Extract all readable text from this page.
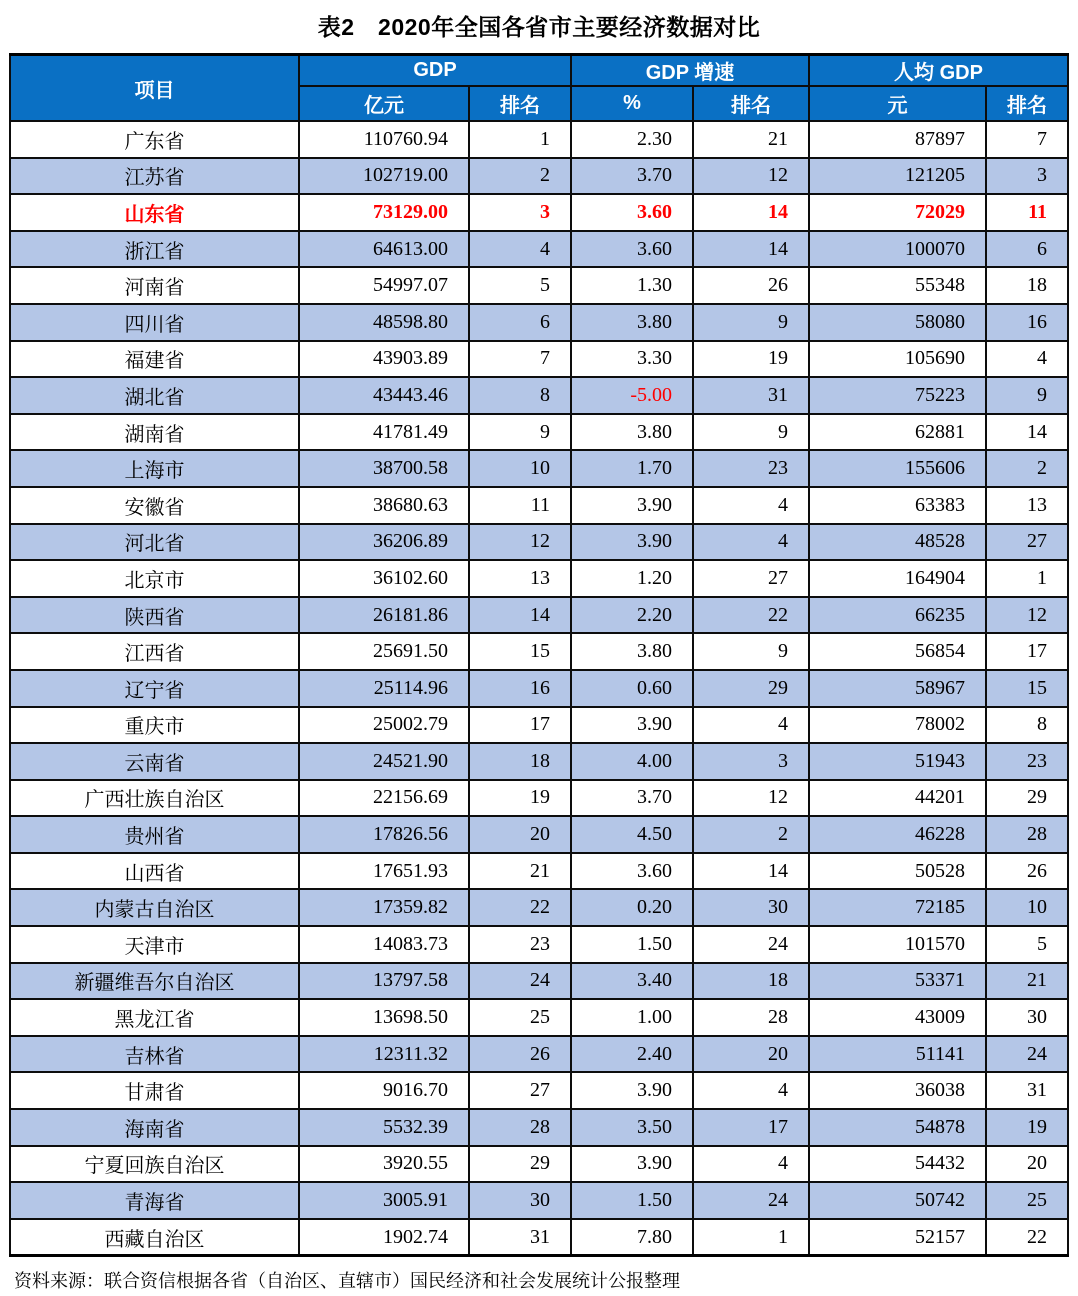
表2　2020年全国各省市主要经济数据对比
项目	GDP		GDP 增速		人均 GDP	
	亿元	排名	%	排名	元	排名
广东省	110760.94	1	2.30	21	87897	7
江苏省	102719.00	2	3.70	12	121205	3
山东省	73129.00	3	3.60	14	72029	11
浙江省	64613.00	4	3.60	14	100070	6
河南省	54997.07	5	1.30	26	55348	18
四川省	48598.80	6	3.80	9	58080	16
福建省	43903.89	7	3.30	19	105690	4
湖北省	43443.46	8	-5.00	31	75223	9
湖南省	41781.49	9	3.80	9	62881	14
上海市	38700.58	10	1.70	23	155606	2
安徽省	38680.63	11	3.90	4	63383	13
河北省	36206.89	12	3.90	4	48528	27
北京市	36102.60	13	1.20	27	164904	1
陕西省	26181.86	14	2.20	22	66235	12
江西省	25691.50	15	3.80	9	56854	17
辽宁省	25114.96	16	0.60	29	58967	15
重庆市	25002.79	17	3.90	4	78002	8
云南省	24521.90	18	4.00	3	51943	23
广西壮族自治区	22156.69	19	3.70	12	44201	29
贵州省	17826.56	20	4.50	2	46228	28
山西省	17651.93	21	3.60	14	50528	26
内蒙古自治区	17359.82	22	0.20	30	72185	10
天津市	14083.73	23	1.50	24	101570	5
新疆维吾尔自治区	13797.58	24	3.40	18	53371	21
黑龙江省	13698.50	25	1.00	28	43009	30
吉林省	12311.32	26	2.40	20	51141	24
甘肃省	9016.70	27	3.90	4	36038	31
海南省	5532.39	28	3.50	17	54878	19
宁夏回族自治区	3920.55	29	3.90	4	54432	20
青海省	3005.91	30	1.50	24	50742	25
西藏自治区	1902.74	31	7.80	1	52157	22
资料来源：联合资信根据各省（自治区、直辖市）国民经济和社会发展统计公报整理
